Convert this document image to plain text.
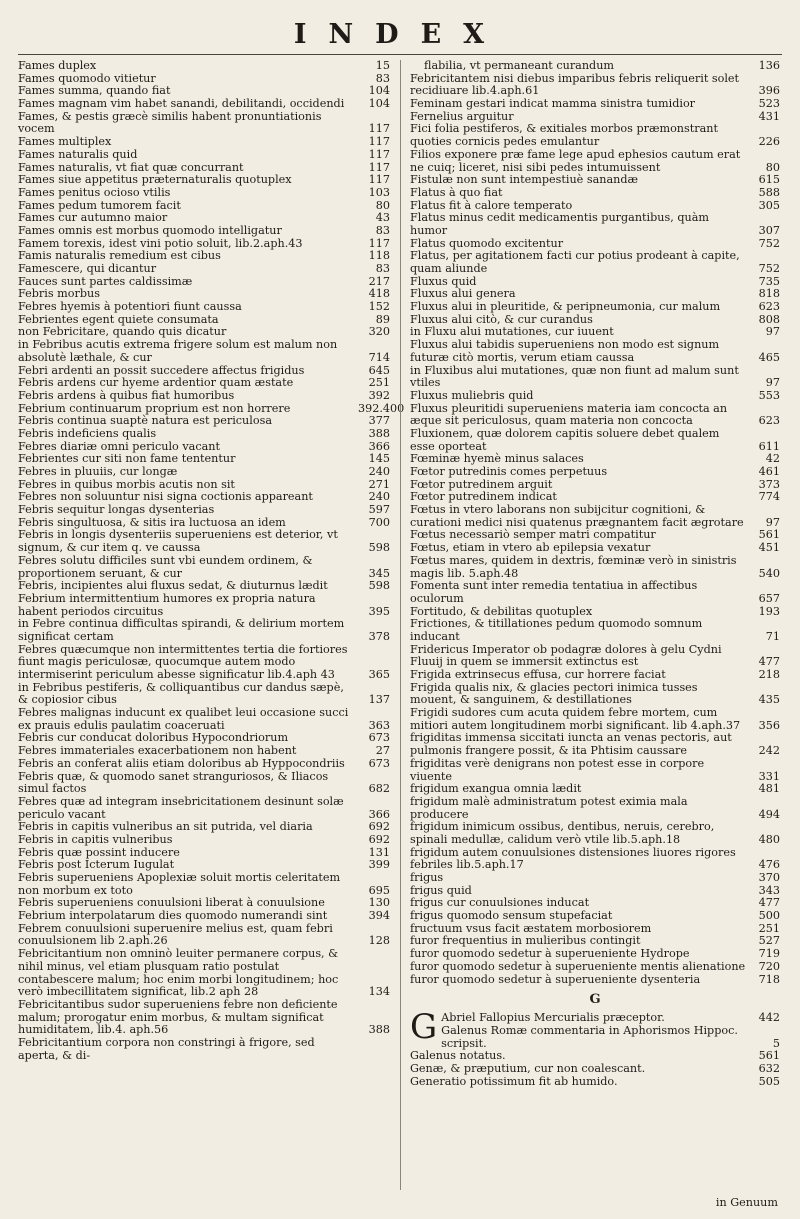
INDEX
Fames duplex	15
Fames quomodo vitietur	83
Fames summa, quando fiat	104
Fames magnam vim habet sanandi, debilitandi, occidendi	104
Fames, & pestis græcè similis habent pronuntiationis vocem	117
Fames multiplex	117
Fames naturalis quid	117
Fames naturalis, vt fiat quæ concurrant	117
Fames siue appetitus præternaturalis quotuplex	117
Fames penitus ocioso vtilis	103
Fames pedum tumorem facit	80
Fames cur autumno maior	43
Fames omnis est morbus quomodo intelligatur	83
Famem torexis, idest vini potio soluit, lib.2.aph.43	117
Famis naturalis remedium est cibus	118
Famescere, qui dicantur	83
Fauces sunt partes caldissimæ	217
Febris morbus	418
Febres hyemis à potentiori fiunt caussa	152
Febrientes egent quiete consumata	89
non Febricitare, quando quis dicatur	320
in Febribus acutis extrema frigere solum est malum non absolutè læthale, & cur	714
Febri ardenti an possit succedere affectus frigidus	645
Febris ardens cur hyeme ardentior quam æstate	251
Febris ardens à quibus fiat humoribus	392
Febrium continuarum proprium est non horrere	392.400
Febris continua suaptè natura est periculosa	377
Febris indeficiens qualis	388
Febres diariæ omni periculo vacant	366
Febrientes cur siti non fame tententur	145
Febres in pluuiis, cur longæ	240
Febres in quibus morbis acutis non sit	271
Febres non soluuntur nisi signa coctionis appareant	240
Febris sequitur longas dysenterias	597
Febris singultuosa, & sitis ira luctuosa an idem	700
Febris in longis dysenteriis superueniens est deterior, vt signum, & cur item q. ve caussa	598
Febres solutu difficiles sunt vbi eundem ordinem, & proportionem seruant, & cur	345
Febris, incipientes alui fluxus sedat, & diuturnus lædit	598
Febrium intermittentium humores ex propria natura habent periodos circuitus	395
in Febre continua difficultas spirandi, & delirium mortem significat certam	378
Febres quæcumque non intermittentes tertia die fortiores fiunt magis periculosæ, quocumque autem modo intermiserint periculum abesse significatur lib.4.aph 43	365
in Febribus pestiferis, & colliquantibus cur dandus sæpè, & copiosior cibus	137
Febres malignas inducunt ex qualibet leui occasione succi ex prauis edulis paulatim coaceruati	363
Febris cur conducat doloribus Hypocondriorum	673
Febres immateriales exacerbationem non habent	27
Febris an conferat aliis etiam doloribus ab Hyppocondriis	673
Febris quæ, & quomodo sanet stranguriosos, & Iliacos simul factos	682
Febres quæ ad integram insebricitationem desinunt solæ periculo vacant	366
Febris in capitis vulneribus an sit putrida, vel diaria	692
Febris in capitis vulneribus	692
Febris quæ possint inducere	131
Febris post Icterum Iugulat	399
Febris superueniens Apoplexiæ soluit mortis celeritatem non morbum ex toto	695
Febris superueniens conuulsioni liberat à conuulsione	130
Febrium interpolatarum dies quomodo numerandi sint	394
Febrem conuulsioni superuenire melius est, quam febri conuulsionem lib 2.aph.26	128
Febricitantium non omninò leuiter permanere corpus, & nihil minus, vel etiam plusquam ratio postulat contabescere malum; hoc enim morbi longitudinem; hoc verò imbecillitatem significat, lib.2 aph 28	134
Febricitantibus sudor superueniens febre non deficiente malum; prorogatur enim morbus, & multam significat humiditatem, lib.4. aph.56	388
Febricitantium corpora non constringi à frigore, sed aperta, & di-
flabilia, vt permaneant curandum	136
Febricitantem nisi diebus imparibus febris reliquerit solet recidiuare lib.4.aph.61	396
Feminam gestari indicat mamma sinistra tumidior	523
Fernelius arguitur	431
Fici folia pestiferos, & exitiales morbos præmonstrant quoties cornicis pedes emulantur	226
Filios exponere præ fame lege apud ephesios cautum erat ne cuiq; liceret, nisi sibi pedes intumuissent	80
Fistulæ non sunt intempestiuè sanandæ	615
Flatus à quo fiat	588
Flatus fit à calore temperato	305
Flatus minus cedit medicamentis purgantibus, quàm humor	307
Flatus quomodo excitentur	752
Flatus, per agitationem facti cur potius prodeant à capite, quam aliunde	752
Fluxus quid	735
Fluxus alui genera	818
Fluxus alui in pleuritide, & peripneumonia, cur malum	623
Fluxus alui citò, & cur curandus	808
in Fluxu alui mutationes, cur iuuent	97
Fluxus alui tabidis superueniens non modo est signum futuræ citò mortis, verum etiam caussa	465
in Fluxibus alui mutationes, quæ non fiunt ad malum sunt vtiles	97
Fluxus muliebris quid	553
Fluxus pleuritidi superueniens materia iam concocta an æque sit periculosus, quam materia non concocta	623
Fluxionem, quæ dolorem capitis soluere debet qualem esse oporteat	611
Fœminæ hyemè minus salaces	42
Fœtor putredinis comes perpetuus	461
Fœtor putredinem arguit	373
Fœtor putredinem indicat	774
Fœtus in vtero laborans non subijcitur cognitioni, & curationi medici nisi quatenus prægnantem facit ægrotare	97
Fœtus necessariò semper matri compatitur	561
Fœtus, etiam in vtero ab epilepsia vexatur	451
Fœtus mares, quidem in dextris, fœminæ verò in sinistris magis lib. 5.aph.48	540
Fomenta sunt inter remedia tentatiua in affectibus oculorum	657
Fortitudo, & debilitas quotuplex	193
Frictiones, & titillationes pedum quomodo somnum inducant	71
Fridericus Imperator ob podagræ dolores à gelu Cydni Fluuij in quem se immersit extinctus est	477
Frigida extrinsecus effusa, cur horrere faciat	218
Frigida qualis nix, & glacies pectori inimica tusses mouent, & sanguinem, & destillationes	435
Frigidi sudores cum acuta quidem febre mortem, cum mitiori autem longitudinem morbi significant. lib 4.aph.37	356
frigiditas immensa siccitati iuncta an venas pectoris, aut pulmonis frangere possit, & ita Phtisim caussare	242
frigiditas verè denigrans non potest esse in corpore viuente	331
frigidum exangua omnia lædit	481
frigidum malè administratum potest eximia mala producere	494
frigidum inimicum ossibus, dentibus, neruis, cerebro, spinali medullæ, calidum verò vtile lib.5.aph.18	480
frigidum autem conuulsiones distensiones liuores rigores febriles lib.5.aph.17	476
frigus	370
frigus quid	343
frigus cur conuulsiones inducat	477
frigus quomodo sensum stupefaciat	500
fructuum vsus facit æstatem morbosiorem	251
furor frequentius in mulieribus contingit	527
furor quomodo sedetur à superueniente Hydrope	719
furor quomodo sedetur à superueniente mentis alienatione	720
furor quomodo sedetur à superueniente dysenteria	718
G
G Abriel Fallopius Mercurialis præceptor.	442
Galenus Romæ commentaria in Aphorismos Hippoc. scripsit.	5
Galenus notatus.	561
Genæ, & præputium, cur non coalescant.	632
Generatio potissimum fit ab humido.	505
in Genuum
